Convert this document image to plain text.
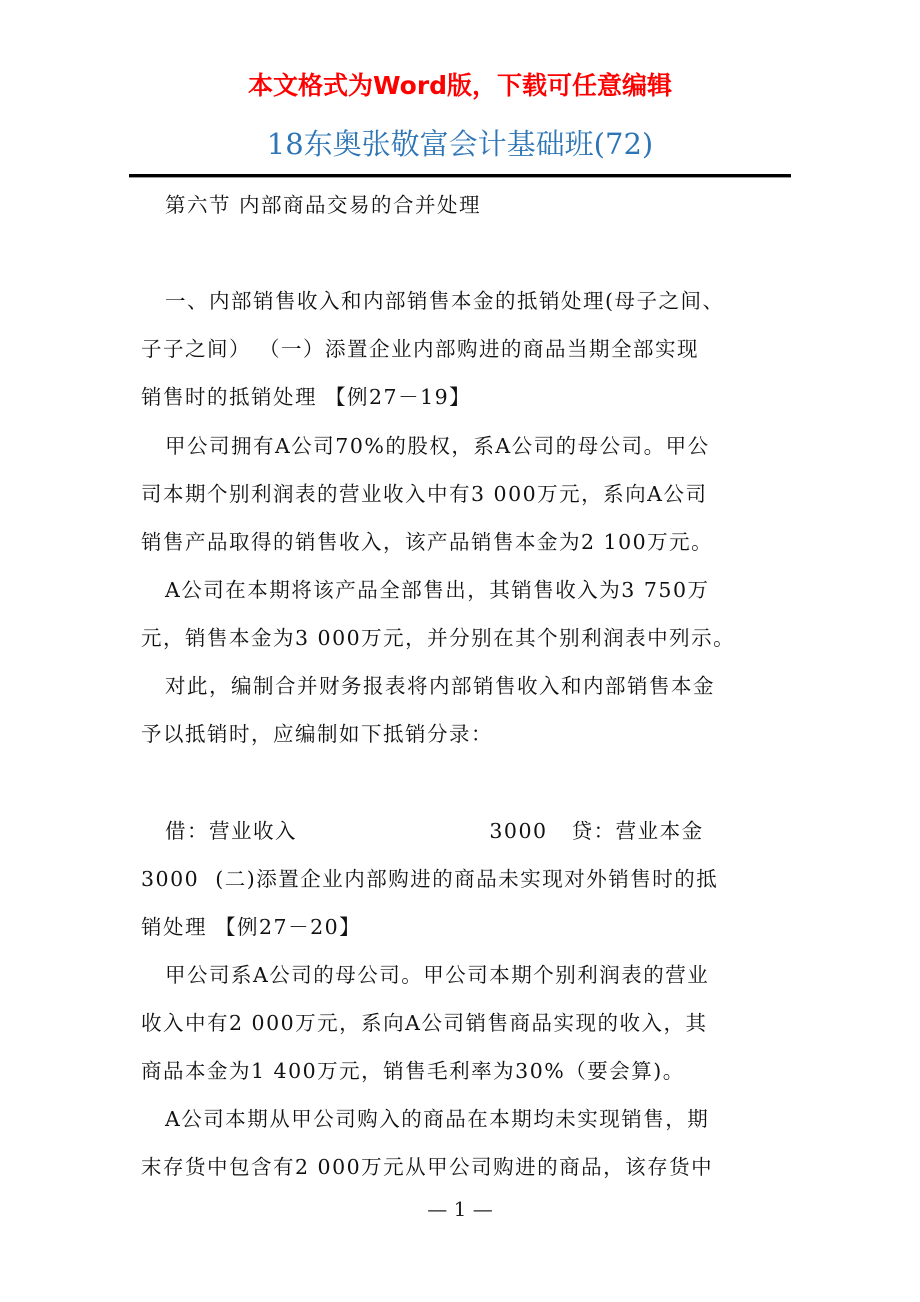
本文格式为Word版，下载可任意编辑
18东奥张敬富会计基础班(72)
第六节 内部商品交易的合并处理
一、内部销售收入和内部销售本金的抵销处理(母子之间、
子子之间） （一）添置企业内部购进的商品当期全部实现
销售时的抵销处理 【例27－19】
甲公司拥有A公司70%的股权，系A公司的母公司。甲公
司本期个别利润表的营业收入中有3 000万元，系向A公司
销售产品取得的销售收入，该产品销售本金为2 100万元。
A公司在本期将该产品全部售出，其销售收入为3 750万
元，销售本金为3 000万元，并分别在其个别利润表中列示。
对此，编制合并财务报表将内部销售收入和内部销售本金
予以抵销时，应编制如下抵销分录：
借：营业收入                        3000   贷：营业本金
3000  (二)添置企业内部购进的商品未实现对外销售时的抵
销处理 【例27－20】
甲公司系A公司的母公司。甲公司本期个别利润表的营业
收入中有2 000万元，系向A公司销售商品实现的收入，其
商品本金为1 400万元，销售毛利率为30%（要会算)。
A公司本期从甲公司购入的商品在本期均未实现销售，期
末存货中包含有2 000万元从甲公司购进的商品，该存货中
— 1 —
